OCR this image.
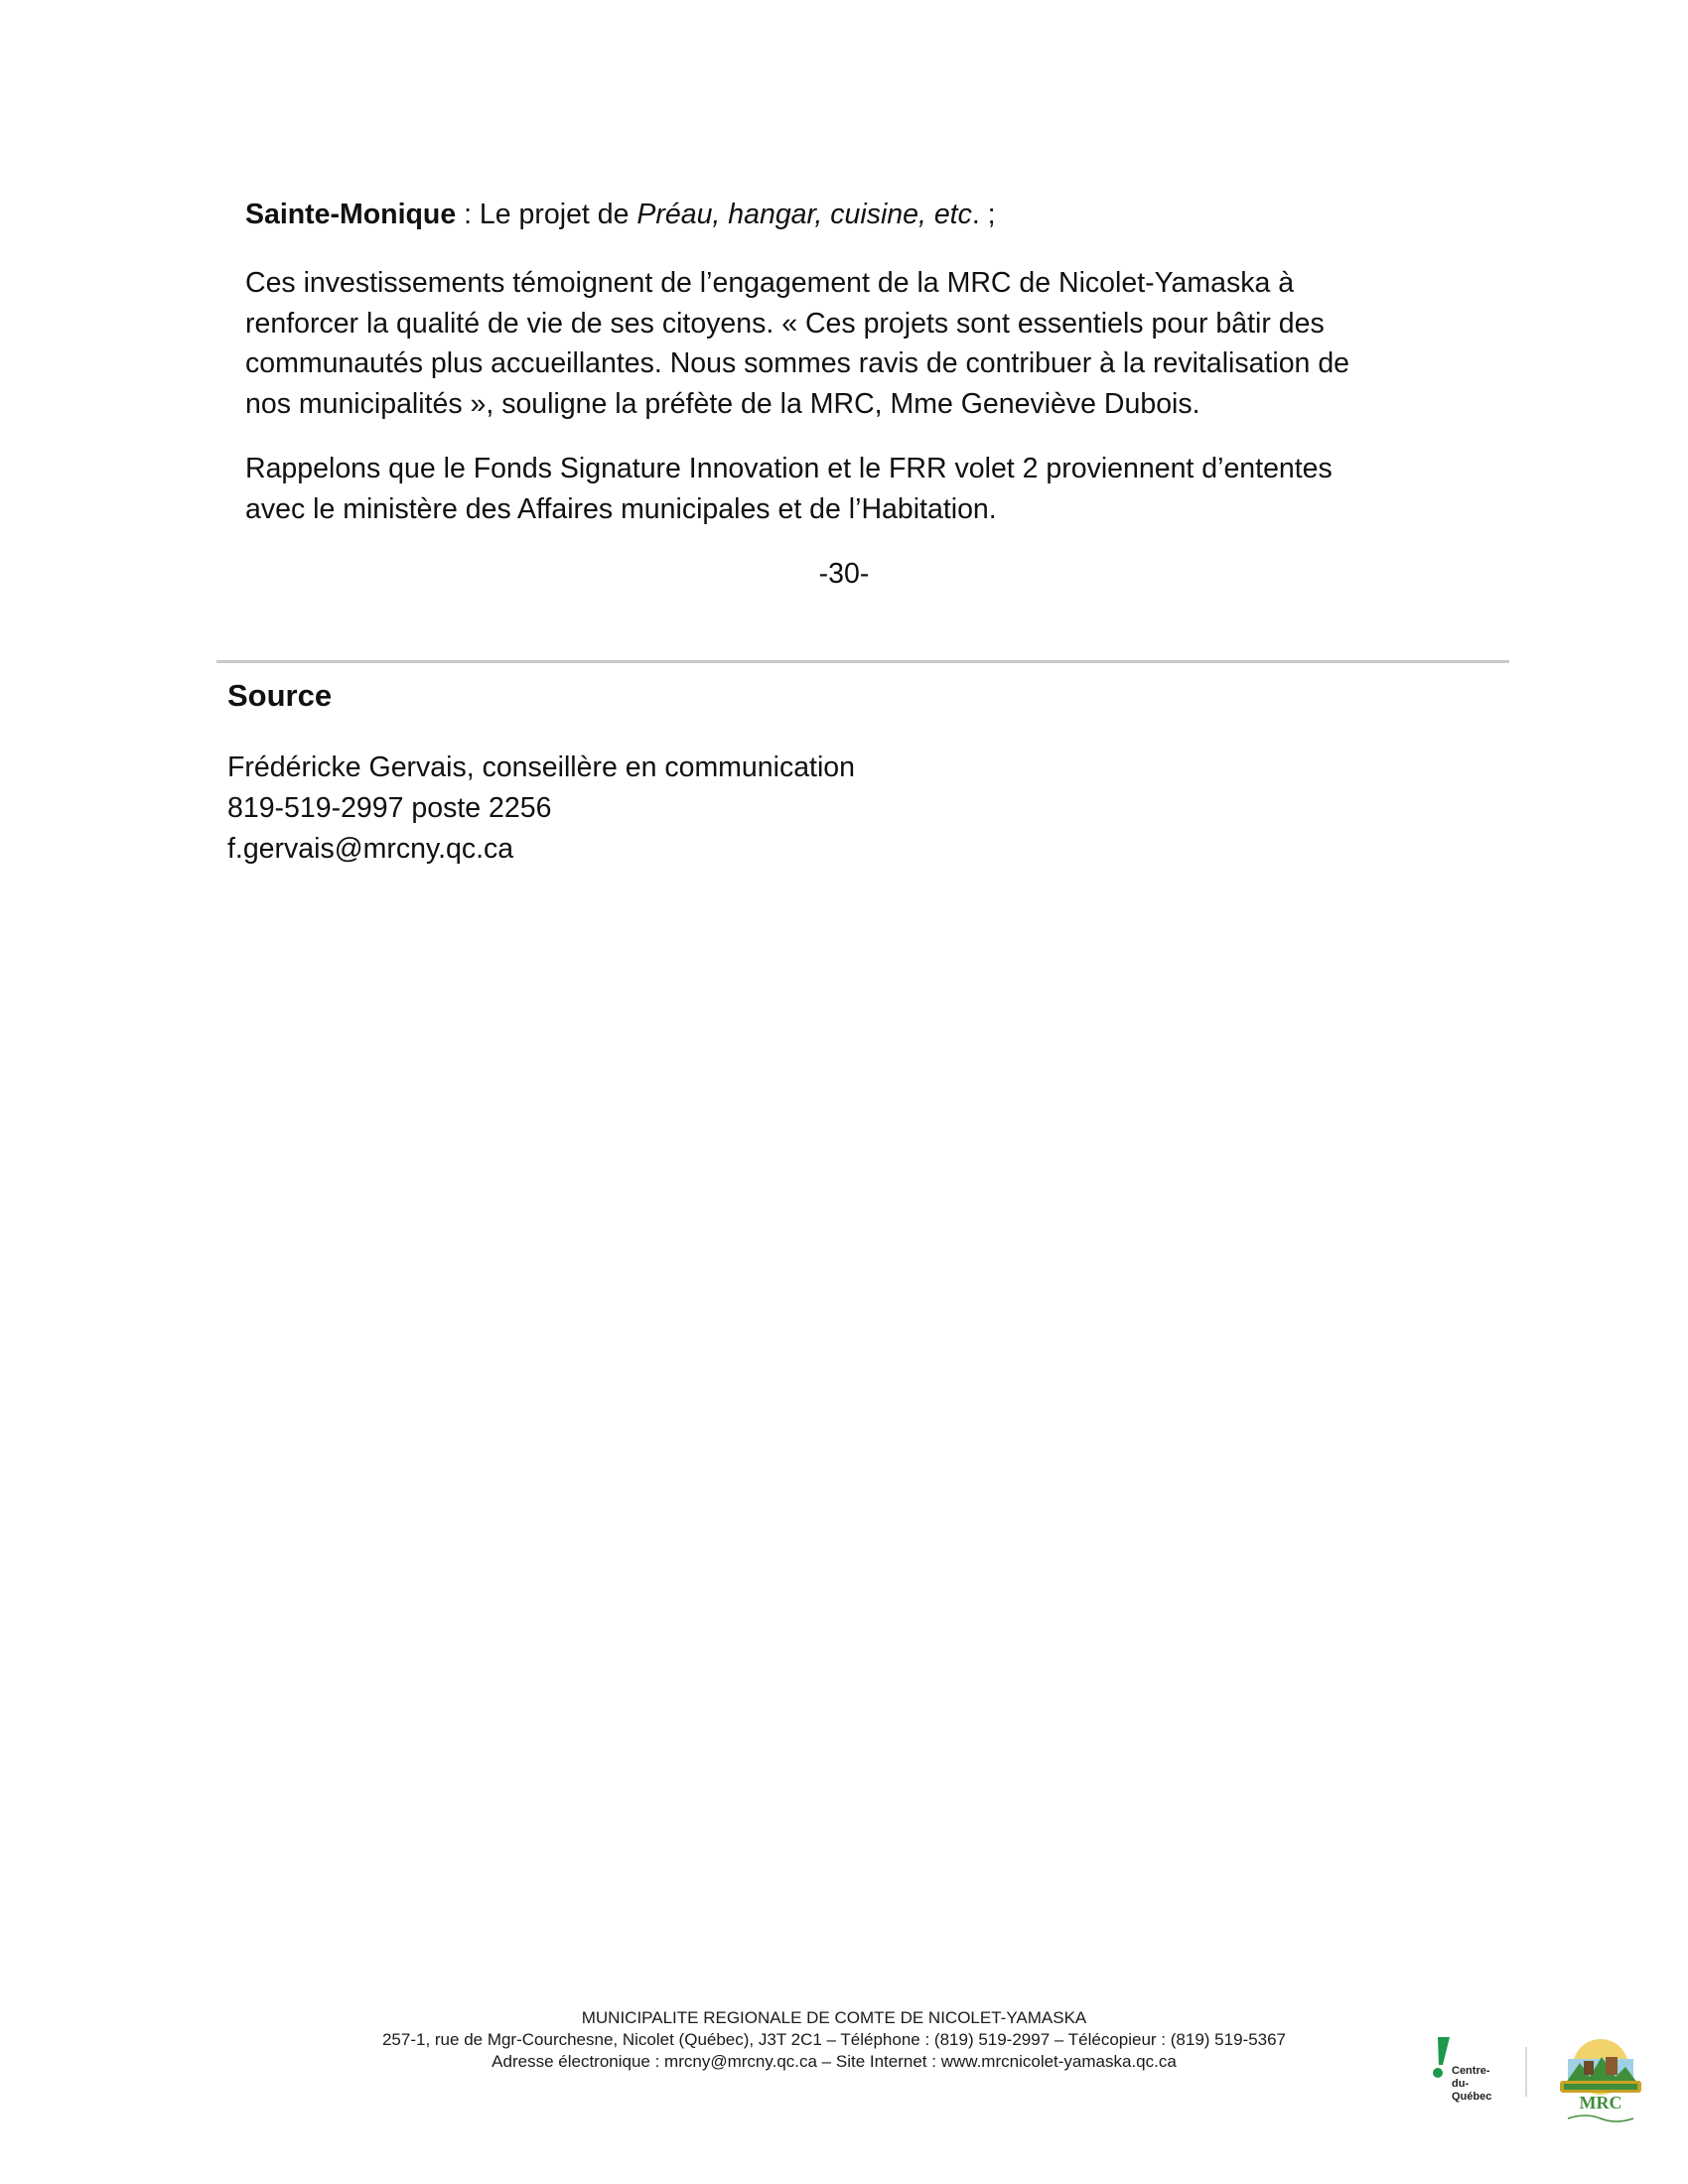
Sainte-Monique : Le projet de Préau, hangar, cuisine, etc. ;
Ces investissements témoignent de l’engagement de la MRC de Nicolet-Yamaska à
renforcer la qualité de vie de ses citoyens. « Ces projets sont essentiels pour bâtir des
communautés plus accueillantes. Nous sommes ravis de contribuer à la revitalisation de
nos municipalités », souligne la préfète de la MRC, Mme Geneviève Dubois.
Rappelons que le Fonds Signature Innovation et le FRR volet 2 proviennent d’ententes
avec le ministère des Affaires municipales et de l’Habitation.
-30-
Source
Frédéricke Gervais, conseillère en communication
819-519-2997 poste 2256
f.gervais@mrcny.qc.ca
MUNICIPALITE REGIONALE DE COMTE DE NICOLET-YAMASKA
257-1, rue de Mgr-Courchesne, Nicolet (Québec), J3T 2C1 – Téléphone : (819) 519-2997 – Télécopieur : (819) 519-5367
Adresse électronique : mrcny@mrcny.qc.ca – Site Internet : www.mrcnicolet-yamaska.qc.ca	Centre-
du-
Québec	MRC
